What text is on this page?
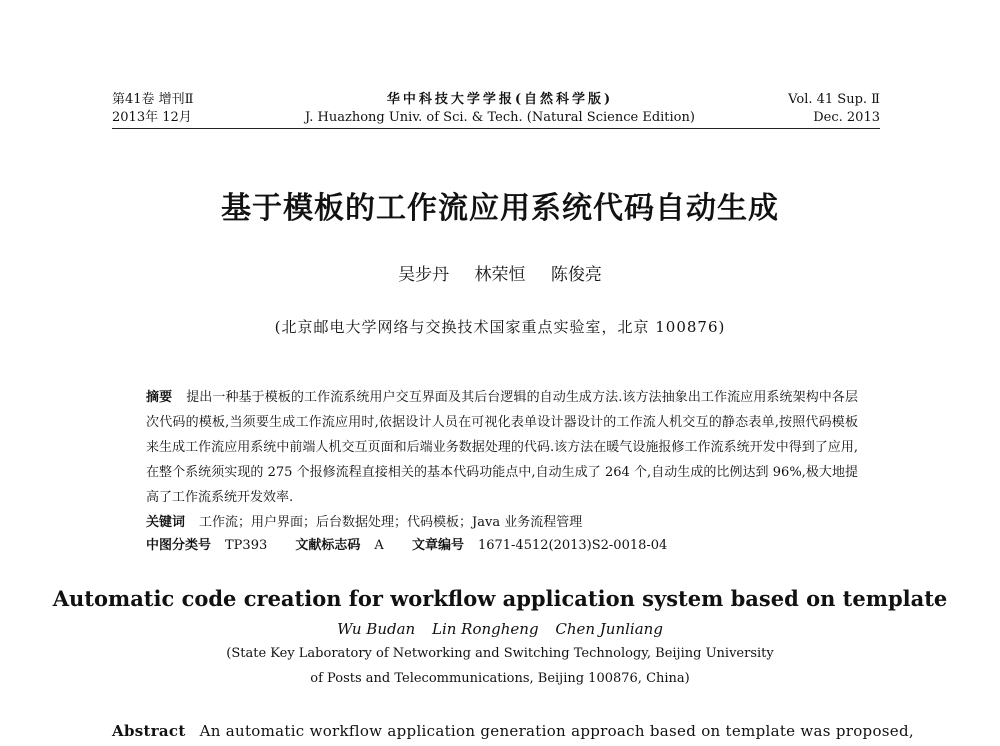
第41卷 增刊Ⅱ
2013年 12月
华中科技大学学报(自然科学版)
J. Huazhong Univ. of Sci. & Tech. (Natural Science Edition)
Vol. 41 Sup. Ⅱ
Dec. 2013
基于模板的工作流应用系统代码自动生成
吴步丹 林荣恒 陈俊亮
(北京邮电大学网络与交换技术国家重点实验室，北京 100876)
摘要 提出一种基于模板的工作流系统用户交互界面及其后台逻辑的自动生成方法.该方法抽象出工作流应用系统架构中各层次代码的模板,当须要生成工作流应用时,依据设计人员在可视化表单设计器设计的工作流人机交互的静态表单,按照代码模板来生成工作流应用系统中前端人机交互页面和后端业务数据处理的代码.该方法在暖气设施报修工作流系统开发中得到了应用,在整个系统须实现的 275 个报修流程直接相关的基本代码功能点中,自动生成了 264 个,自动生成的比例达到 96%,极大地提高了工作流系统开发效率.
关键词 工作流；用户界面；后台数据处理；代码模板；Java 业务流程管理
中图分类号 TP393 文献标志码 A 文章编号 1671-4512(2013)S2-0018-04
Automatic code creation for workflow application system based on template
Wu Budan Lin Rongheng Chen Junliang
(State Key Laboratory of Networking and Switching Technology, Beijing University
of Posts and Telecommunications, Beijing 100876, China)
Abstract An automatic workflow application generation approach based on template was proposed,
